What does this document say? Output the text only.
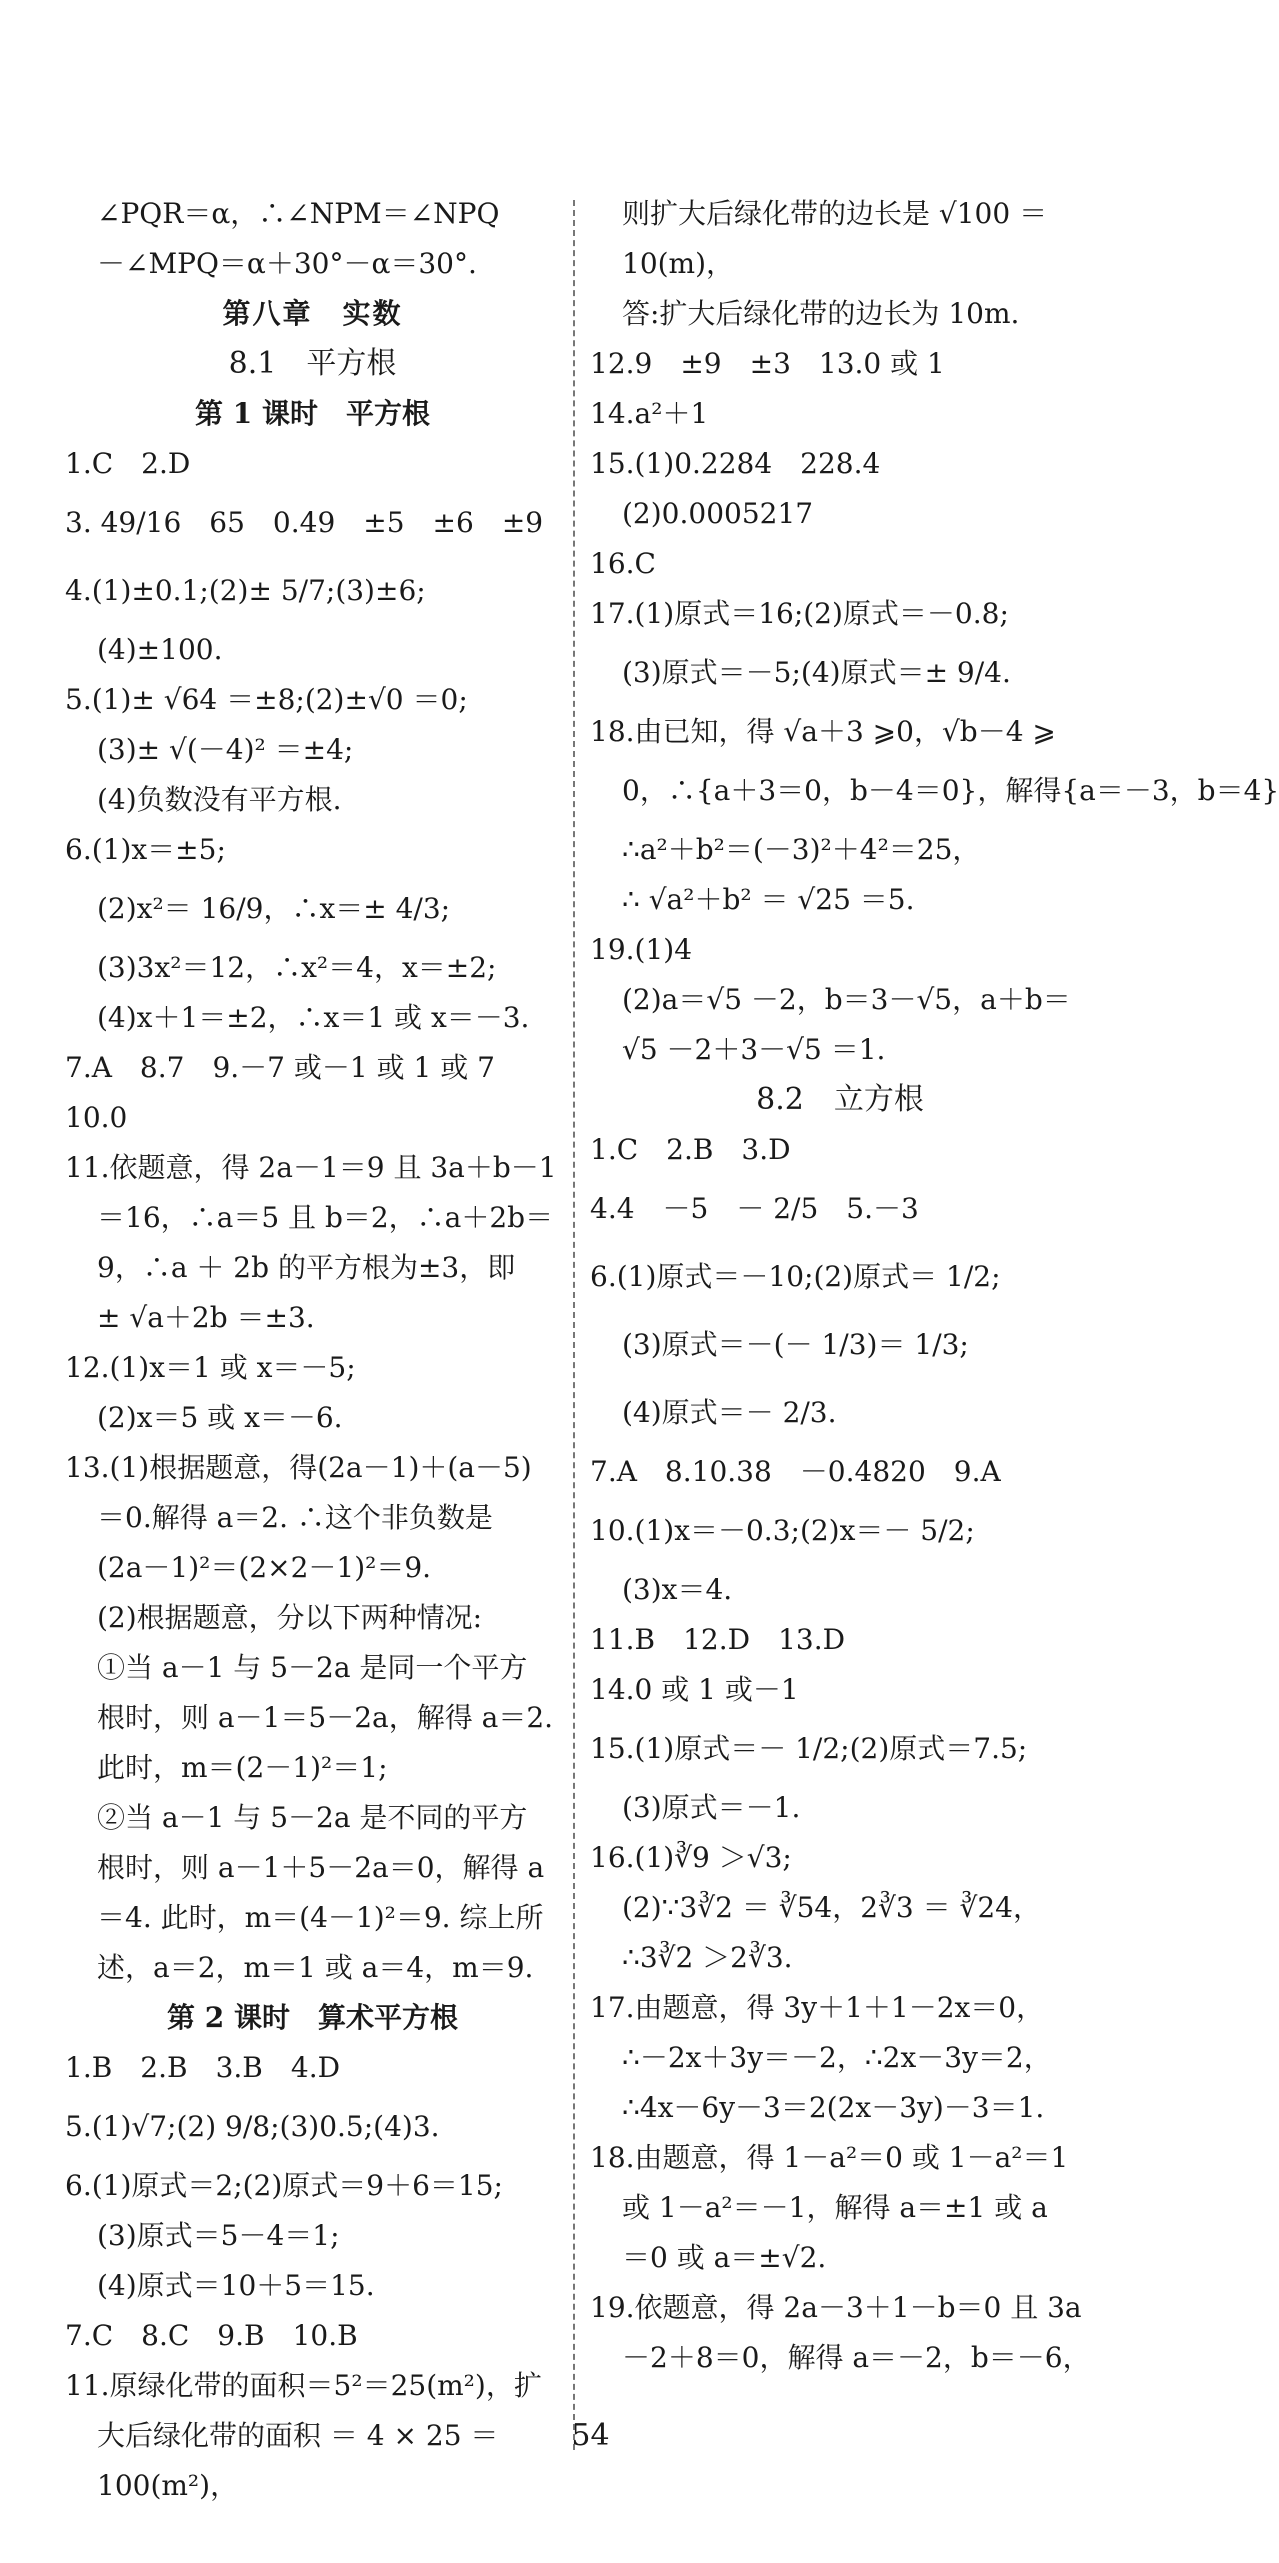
∠PQR＝α，∴∠NPM＝∠NPQ
－∠MPQ＝α＋30°－α＝30°.
第八章　实数
8.1　平方根
第 1 课时　平方根
1.C　2.D
3. 49/16　65　0.49　±5　±6　±9
4.(1)±0.1;(2)± 5/7;(3)±6;
(4)±100.
5.(1)± √64 ＝±8;(2)±√0 ＝0;
(3)± √(－4)² ＝±4;
(4)负数没有平方根.
6.(1)x＝±5;
(2)x²＝ 16/9，∴x＝± 4/3;
(3)3x²＝12，∴x²＝4，x＝±2;
(4)x＋1＝±2，∴x＝1 或 x＝－3.
7.A　8.7　9.－7 或－1 或 1 或 7
10.0
11.依题意，得 2a－1＝9 且 3a＋b－1
＝16，∴a＝5 且 b＝2，∴a＋2b＝
9，∴a ＋ 2b 的平方根为±3，即
± √a＋2b ＝±3.
12.(1)x＝1 或 x＝－5;
(2)x＝5 或 x＝－6.
13.(1)根据题意，得(2a－1)＋(a－5)
＝0.解得 a＝2. ∴这个非负数是
(2a－1)²＝(2×2－1)²＝9.
(2)根据题意，分以下两种情况:
①当 a－1 与 5－2a 是同一个平方
根时，则 a－1＝5－2a，解得 a＝2.
此时，m＝(2－1)²＝1;
②当 a－1 与 5－2a 是不同的平方
根时，则 a－1＋5－2a＝0，解得 a
＝4. 此时，m＝(4－1)²＝9. 综上所
述，a＝2，m＝1 或 a＝4，m＝9.
第 2 课时　算术平方根
1.B　2.B　3.B　4.D
5.(1)√7;(2) 9/8;(3)0.5;(4)3.
6.(1)原式＝2;(2)原式＝9＋6＝15;
(3)原式＝5－4＝1;
(4)原式＝10＋5＝15.
7.C　8.C　9.B　10.B
11.原绿化带的面积＝5²＝25(m²)，扩
大后绿化带的面积 ＝ 4 × 25 ＝
100(m²)，
则扩大后绿化带的边长是 √100 ＝
10(m)，
答:扩大后绿化带的边长为 10m.
12.9　±9　±3　13.0 或 1
14.a²＋1
15.(1)0.2284　228.4
(2)0.0005217
16.C
17.(1)原式＝16;(2)原式＝－0.8;
(3)原式＝－5;(4)原式＝± 9/4.
18.由已知，得 √a＋3 ⩾0，√b－4 ⩾
0，∴{a＋3＝0，b－4＝0}，解得{a＝－3，b＝4}
∴a²＋b²＝(－3)²＋4²＝25，
∴ √a²＋b² ＝ √25 ＝5.
19.(1)4
(2)a＝√5 －2，b＝3－√5，a＋b＝
√5 －2＋3－√5 ＝1.
8.2　立方根
1.C　2.B　3.D
4.4　－5　－ 2/5　5.－3
6.(1)原式＝－10;(2)原式＝ 1/2;
(3)原式＝－(－ 1/3)＝ 1/3;
(4)原式＝－ 2/3.
7.A　8.10.38　－0.4820　9.A
10.(1)x＝－0.3;(2)x＝－ 5/2;
(3)x＝4.
11.B　12.D　13.D
14.0 或 1 或－1
15.(1)原式＝－ 1/2;(2)原式＝7.5;
(3)原式＝－1.
16.(1)∛9 ＞√3;
(2)∵3∛2 ＝ ∛54，2∛3 ＝ ∛24，
∴3∛2 ＞2∛3.
17.由题意，得 3y＋1＋1－2x＝0，
∴－2x＋3y＝－2，∴2x－3y＝2，
∴4x－6y－3＝2(2x－3y)－3＝1.
18.由题意，得 1－a²＝0 或 1－a²＝1
或 1－a²＝－1，解得 a＝±1 或 a
＝0 或 a＝±√2.
19.依题意，得 2a－3＋1－b＝0 且 3a
－2＋8＝0，解得 a＝－2，b＝－6，
54
